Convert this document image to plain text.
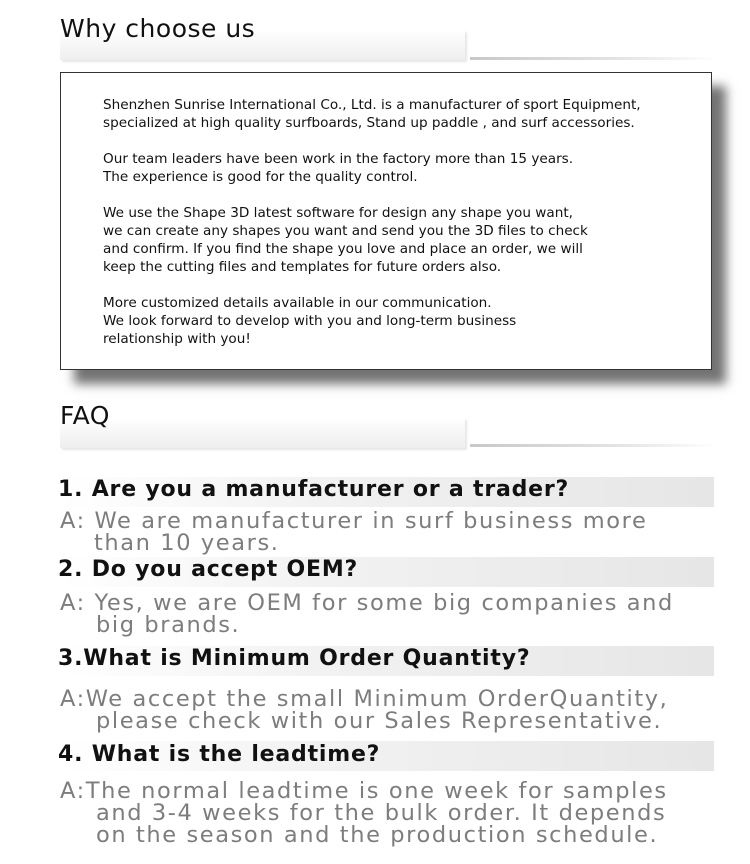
Why choose us

Shenzhen Sunrise International Co., Ltd. is a manufacturer of sport Equipment,
specialized at high quality surfboards, Stand up paddle , and surf accessories.

Our team leaders have been work in the factory more than 15 years.
The experience is good for the quality control.

We use the Shape 3D latest software for design any shape you want,
we can create any shapes you want and send you the 3D files to check
and confirm. If you find the shape you love and place an order, we will
keep the cutting files and templates for future orders also.

More customized details available in our communication.
We look forward to develop with you and long-term business
relationship with you!

FAQ
1. Are you a manufacturer or a trader?
A: We are manufacturer in surf business more
than 10 years.
2. Do you accept OEM?
A: Yes, we are OEM for some big companies and
big brands.
3.What is Minimum Order Quantity?
A:We accept the small Minimum OrderQuantity,
please check with our Sales Representative.
4. What is the leadtime?
A:The normal leadtime is one week for samples
and 3-4 weeks for the bulk order. It depends
on the season and the production schedule.
